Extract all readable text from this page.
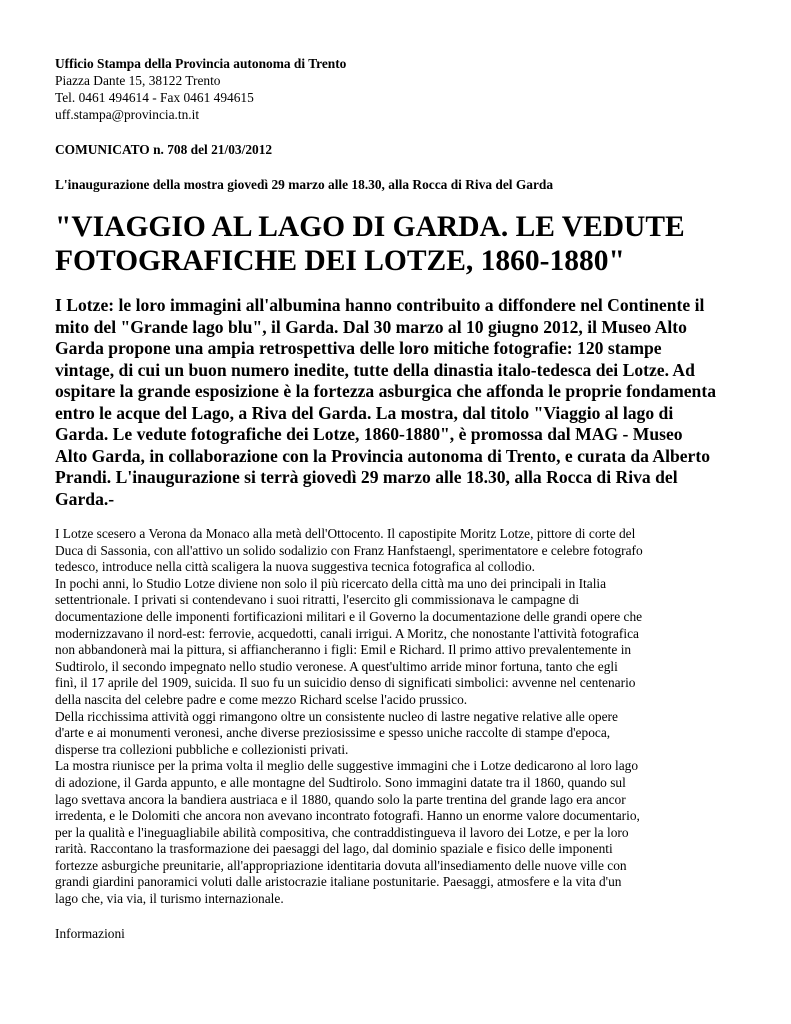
Ufficio Stampa della Provincia autonoma di Trento

Piazza Dante 15, 38122 Trento

Tel. 0461 494614 - Fax 0461 494615

uff.stampa@provincia.tn.it

COMUNICATO n. 708 del 21/03/2012

L'inaugurazione della mostra giovedì 29 marzo alle 18.30, alla Rocca di Riva del Garda

"VIAGGIO AL LAGO DI GARDA. LE VEDUTE
FOTOGRAFICHE DEI LOTZE, 1860-1880"
I Lotze: le loro immagini all'albumina hanno contribuito a diffondere nel Continente il
mito del "Grande lago blu", il Garda. Dal 30 marzo al 10 giugno 2012, il Museo Alto
Garda propone una ampia retrospettiva delle loro mitiche fotografie: 120 stampe
vintage, di cui un buon numero inedite, tutte della dinastia italo-tedesca dei Lotze. Ad
ospitare la grande esposizione è la fortezza asburgica che affonda le proprie fondamenta
entro le acque del Lago, a Riva del Garda. La mostra, dal titolo "Viaggio al lago di
Garda. Le vedute fotografiche dei Lotze, 1860-1880", è promossa dal MAG - Museo
Alto Garda, in collaborazione con la Provincia autonoma di Trento, e curata da Alberto
Prandi. L'inaugurazione si terrà giovedì 29 marzo alle 18.30, alla Rocca di Riva del
Garda.-
I Lotze scesero a Verona da Monaco alla metà dell'Ottocento. Il capostipite Moritz Lotze, pittore di corte del
Duca di Sassonia, con all'attivo un solido sodalizio con Franz Hanfstaengl, sperimentatore e celebre fotografo
tedesco, introduce nella città scaligera la nuova suggestiva tecnica fotografica al collodio.
In pochi anni, lo Studio Lotze diviene non solo il più ricercato della città ma uno dei principali in Italia
settentrionale. I privati si contendevano i suoi ritratti, l'esercito gli commissionava le campagne di
documentazione delle imponenti fortificazioni militari e il Governo la documentazione delle grandi opere che
modernizzavano il nord-est: ferrovie, acquedotti, canali irrigui. A Moritz, che nonostante l'attività fotografica
non abbandonerà mai la pittura, si affiancheranno i figli: Emil e Richard. Il primo attivo prevalentemente in
Sudtirolo, il secondo impegnato nello studio veronese. A quest'ultimo arride minor fortuna, tanto che egli
finì, il 17 aprile del 1909, suicida. Il suo fu un suicidio denso di significati simbolici: avvenne nel centenario
della nascita del celebre padre e come mezzo Richard scelse l'acido prussico.
Della ricchissima attività oggi rimangono oltre un consistente nucleo di lastre negative relative alle opere
d'arte e ai monumenti veronesi, anche diverse preziosissime e spesso uniche raccolte di stampe d'epoca,
disperse tra collezioni pubbliche e collezionisti privati.
La mostra riunisce per la prima volta il meglio delle suggestive immagini che i Lotze dedicarono al loro lago
di adozione, il Garda appunto, e alle montagne del Sudtirolo. Sono immagini datate tra il 1860, quando sul
lago svettava ancora la bandiera austriaca e il 1880, quando solo la parte trentina del grande lago era ancor
irredenta, e le Dolomiti che ancora non avevano incontrato fotografi. Hanno un enorme valore documentario,
per la qualità e l'ineguagliabile abilità compositiva, che contraddistingueva il lavoro dei Lotze, e per la loro
rarità. Raccontano la trasformazione dei paesaggi del lago, dal dominio spaziale e fisico delle imponenti
fortezze asburgiche preunitarie, all'appropriazione identitaria dovuta all'insediamento delle nuove ville con
grandi giardini panoramici voluti dalle aristocrazie italiane postunitarie. Paesaggi, atmosfere e la vita d'un
lago che, via via, il turismo internazionale.

Informazioni
